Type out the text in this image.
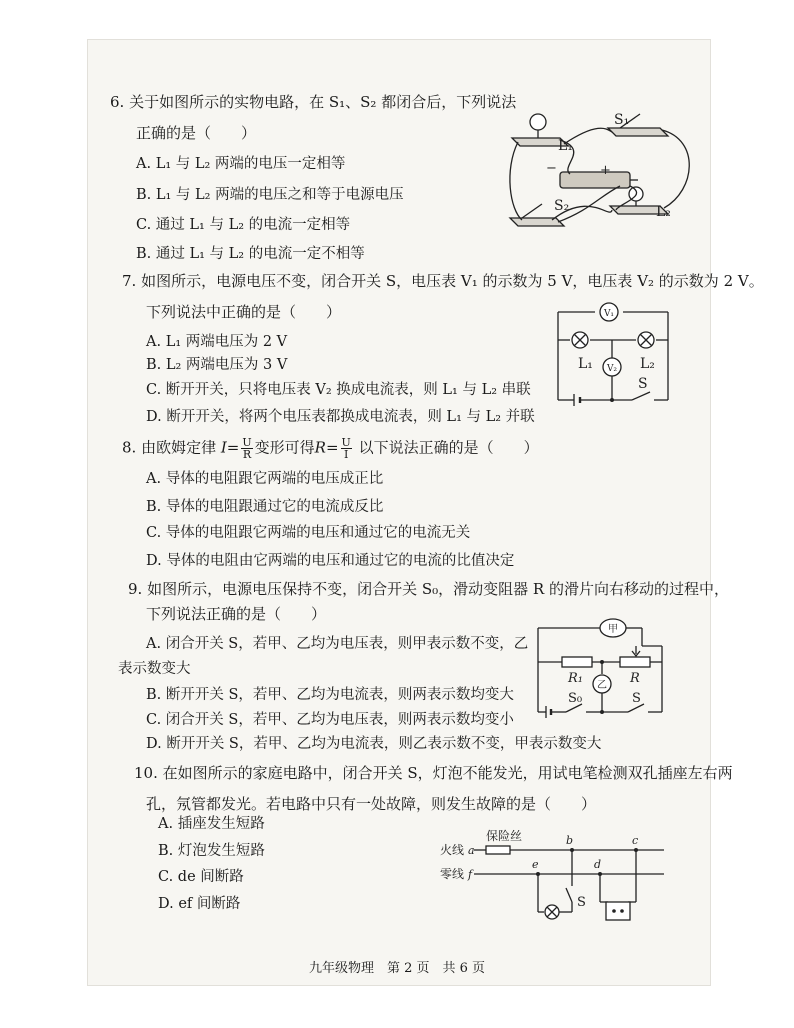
6. 关于如图所示的实物电路，在 S₁、S₂ 都闭合后，下列说法
正确的是（　　）
A. L₁ 与 L₂ 两端的电压一定相等
B. L₁ 与 L₂ 两端的电压之和等于电源电压
C. 通过 L₁ 与 L₂ 的电流一定相等
B. 通过 L₁ 与 L₂ 的电流一定不相等
L₁
S₁
−	+
S₂	L₂
7. 如图所示，电源电压不变，闭合开关 S，电压表 V₁ 的示数为 5 V，电压表 V₂ 的示数为 2 V。
下列说法中正确的是（　　）
A. L₁ 两端电压为 2 V
B. L₂ 两端电压为 3 V
C. 断开开关，只将电压表 V₂ 换成电流表，则 L₁ 与 L₂ 串联
D. 断开开关，将两个电压表都换成电流表，则 L₁ 与 L₂ 并联
V₁
V₂
L₁	L₂
S
8. 由欧姆定律 $I= \frac{U}{R}$ 变形可得$R= \frac{U}{I}$ 以下说法正确的是（　　）
A. 导体的电阻跟它两端的电压成正比
B. 导体的电阻跟通过它的电流成反比
C. 导体的电阻跟它两端的电压和通过它的电流无关
D. 导体的电阻由它两端的电压和通过它的电流的比值决定
9. 如图所示，电源电压保持不变，闭合开关 S₀，滑动变阻器 R 的滑片向右移动的过程中，
下列说法正确的是（　　）
A. 闭合开关 S，若甲、乙均为电压表，则甲表示数不变，乙
表示数变大
B. 断开开关 S，若甲、乙均为电流表，则两表示数均变大
C. 闭合开关 S，若甲、乙均为电压表，则两表示数均变小
D. 断开开关 S，若甲、乙均为电流表，则乙表示数不变，甲表示数变大
甲
乙
R₁	R
S₀	S
10. 在如图所示的家庭电路中，闭合开关 S，灯泡不能发光，用试电笔检测双孔插座左右两
孔，氖管都发光。若电路中只有一处故障，则发生故障的是（　　）
A. 插座发生短路
B. 灯泡发生短路
C. de 间断路
D. ef 间断路
火线
零线
保险丝
a
f
b	c
d
e
S
九年级物理　第 2 页　共 6 页
